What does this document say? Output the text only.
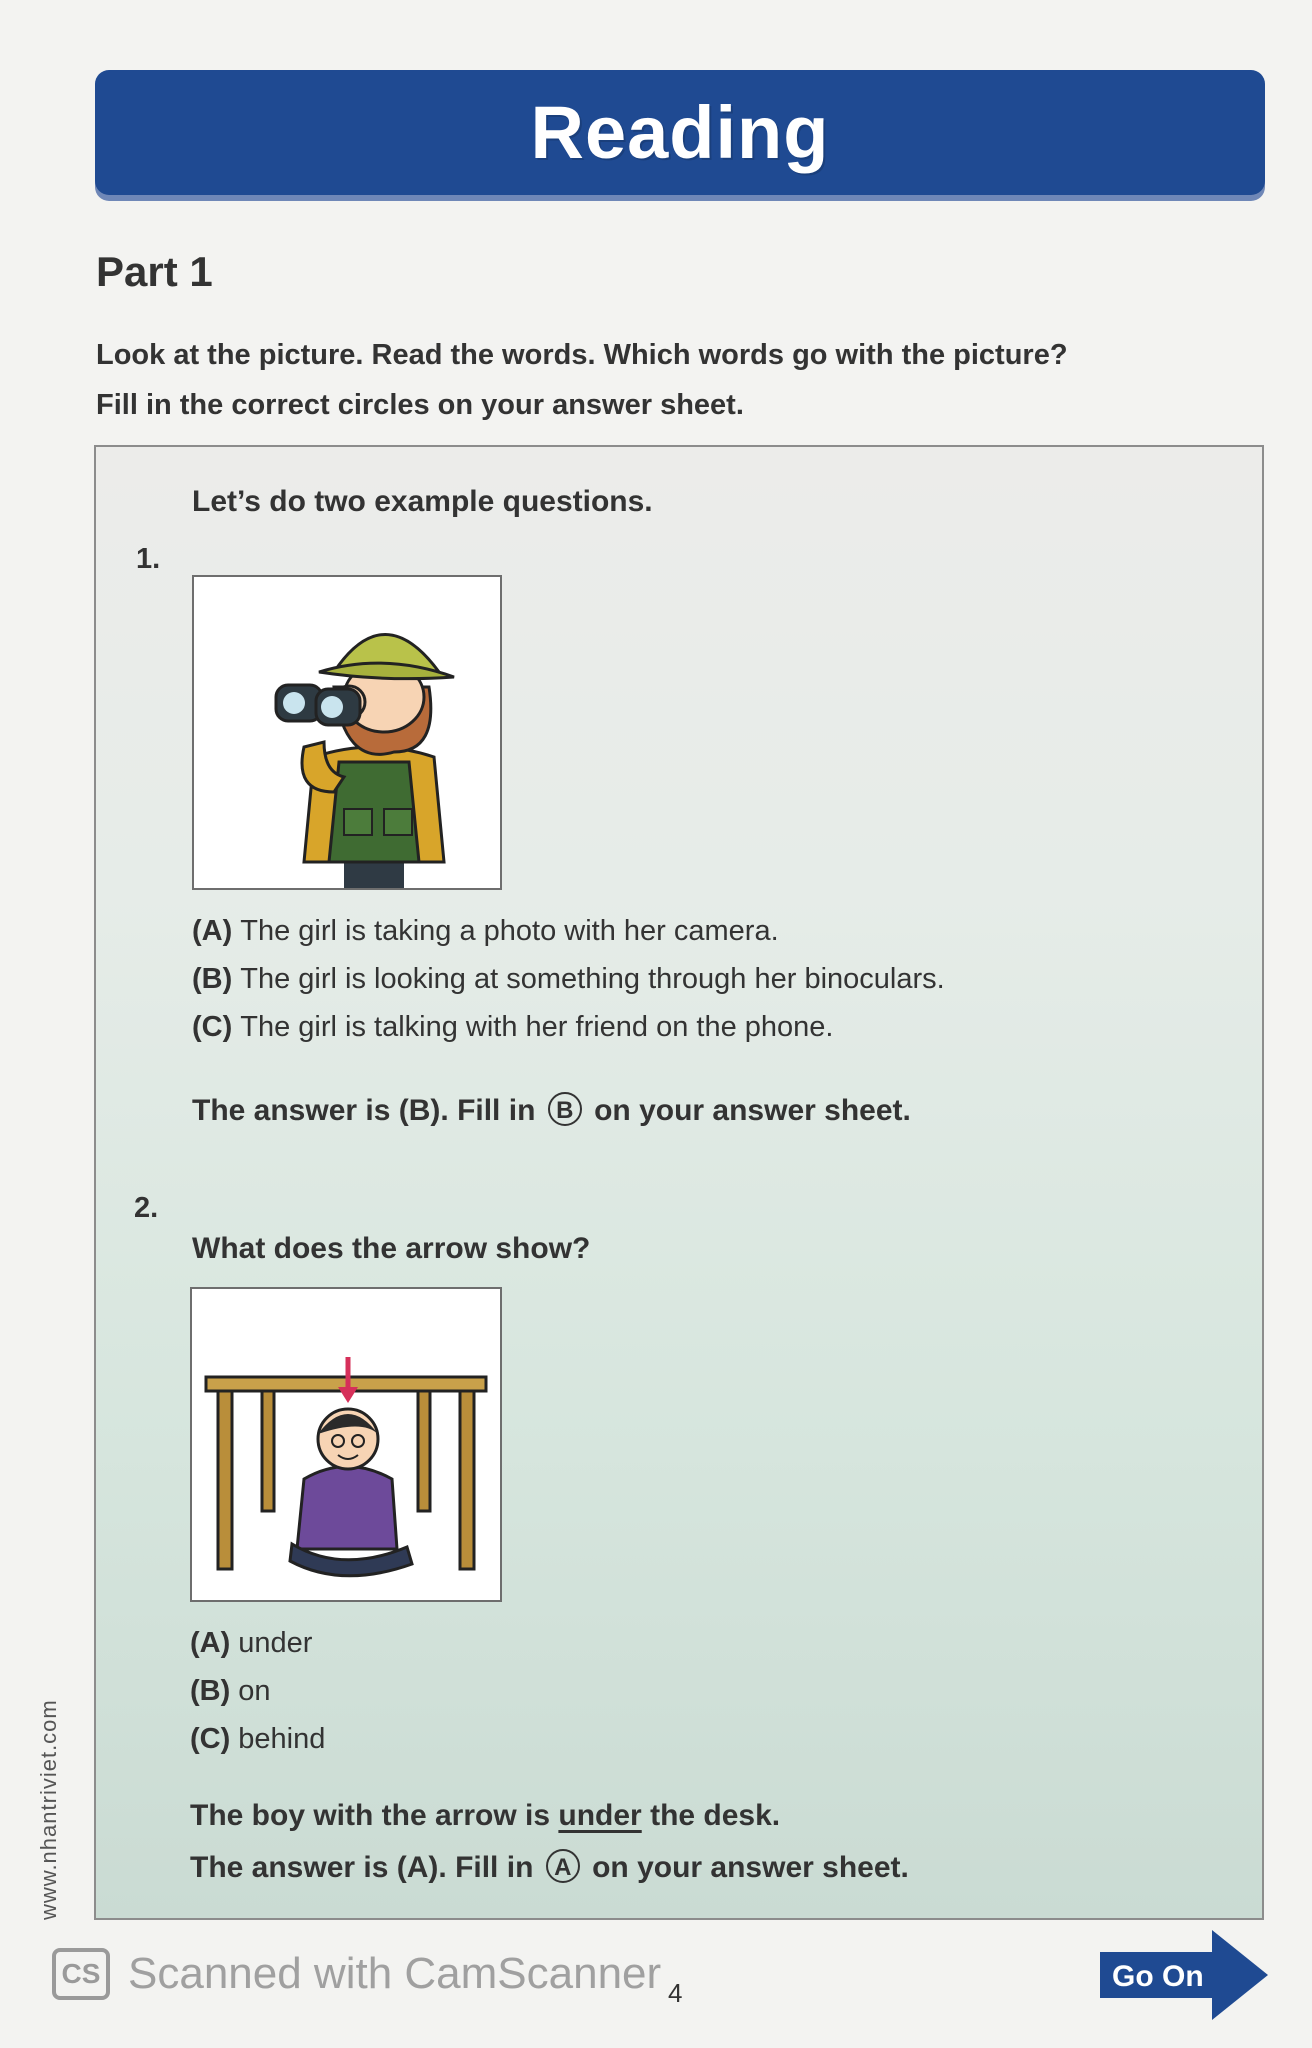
Reading
Part 1
Look at the picture. Read the words. Which words go with the picture?
Fill in the correct circles on your answer sheet.
Let’s do two example questions.
1.
(A) The girl is taking a photo with her camera.
(B) The girl is looking at something through her binoculars.
(C) The girl is talking with her friend on the phone.
The answer is (B). Fill in B on your answer sheet.
2.
What does the arrow show?
(A) under
(B) on
(C) behind
The boy with the arrow is under the desk.
The answer is (A). Fill in A on your answer sheet.
www.nhantriviet.com
CS Scanned with CamScanner 4	Go On
